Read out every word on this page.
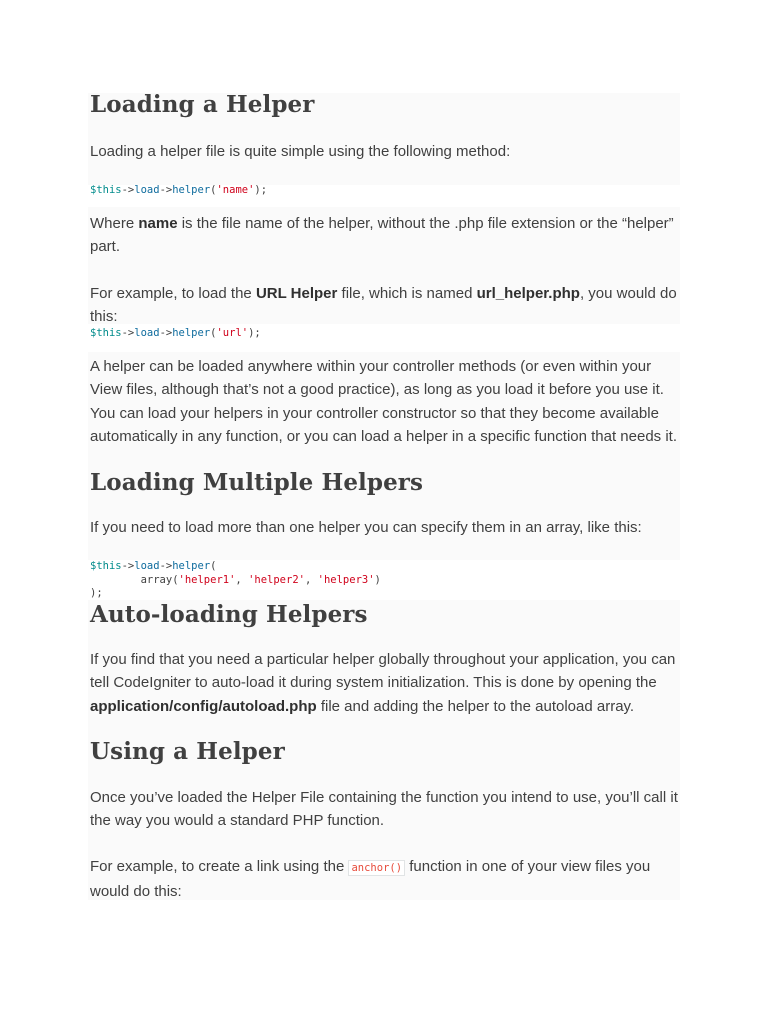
Loading a Helper

Loading a helper file is quite simple using the following method:

$this->load->helper('name');

Where name is the file name of the helper, without the .php file extension or the “helper” part.

For example, to load the URL Helper file, which is named url_helper.php, you would do this:

$this->load->helper('url');

A helper can be loaded anywhere within your controller methods (or even within your View files, although that’s not a good practice), as long as you load it before you use it. You can load your helpers in your controller constructor so that they become available automatically in any function, or you can load a helper in a specific function that needs it.

Loading Multiple Helpers

If you need to load more than one helper you can specify them in an array, like this:

$this->load->helper(
array('helper1', 'helper2', 'helper3')
);
Auto-loading Helpers

If you find that you need a particular helper globally throughout your application, you can tell CodeIgniter to auto-load it during system initialization. This is done by opening the application/config/autoload.php file and adding the helper to the autoload array.

Using a Helper

Once you’ve loaded the Helper File containing the function you intend to use, you’ll call it the way you would a standard PHP function.

For example, to create a link using the anchor() function in one of your view files you would do this:
